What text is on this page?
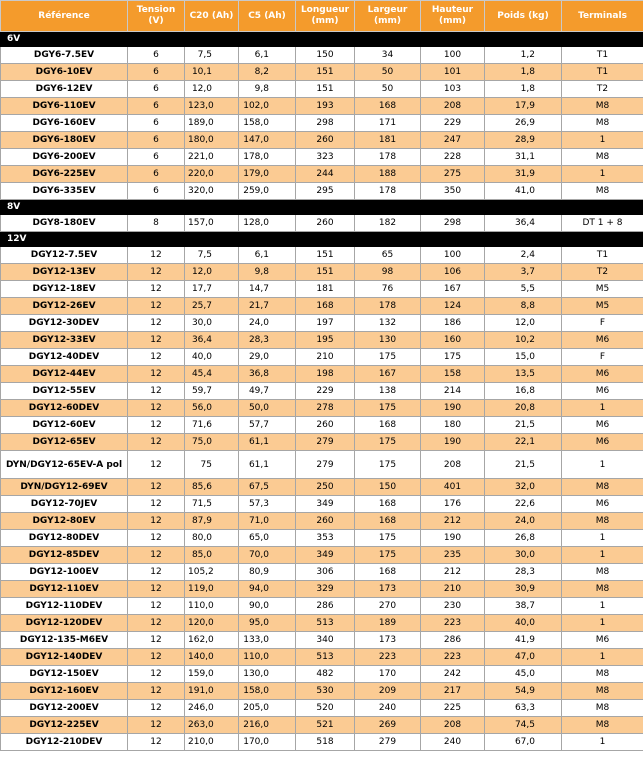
Référence	Tension (V)	C20 (Ah)	C5 (Ah)	Longueur (mm)	Largeur (mm)	Hauteur (mm)	Poids (kg)	Terminals
6V								
DGY6-7.5EV	6	7,5	6,1	150	34	100	1,2	T1
DGY6-10EV	6	10,1	8,2	151	50	101	1,8	T1
DGY6-12EV	6	12,0	9,8	151	50	103	1,8	T2
DGY6-110EV	6	123,0	102,0	193	168	208	17,9	M8
DGY6-160EV	6	189,0	158,0	298	171	229	26,9	M8
DGY6-180EV	6	180,0	147,0	260	181	247	28,9	1
DGY6-200EV	6	221,0	178,0	323	178	228	31,1	M8
DGY6-225EV	6	220,0	179,0	244	188	275	31,9	1
DGY6-335EV	6	320,0	259,0	295	178	350	41,0	M8
8V								
DGY8-180EV	8	157,0	128,0	260	182	298	36,4	DT 1 + 8
12V								
DGY12-7.5EV	12	7,5	6,1	151	65	100	2,4	T1
DGY12-13EV	12	12,0	9,8	151	98	106	3,7	T2
DGY12-18EV	12	17,7	14,7	181	76	167	5,5	M5
DGY12-26EV	12	25,7	21,7	168	178	124	8,8	M5
DGY12-30DEV	12	30,0	24,0	197	132	186	12,0	F
DGY12-33EV	12	36,4	28,3	195	130	160	10,2	M6
DGY12-40DEV	12	40,0	29,0	210	175	175	15,0	F
DGY12-44EV	12	45,4	36,8	198	167	158	13,5	M6
DGY12-55EV	12	59,7	49,7	229	138	214	16,8	M6
DGY12-60DEV	12	56,0	50,0	278	175	190	20,8	1
DGY12-60EV	12	71,6	57,7	260	168	180	21,5	M6
DGY12-65EV	12	75,0	61,1	279	175	190	22,1	M6
DYN/DGY12-65EV-A pol	12	75	61,1	279	175	208	21,5	1
DYN/DGY12-69EV	12	85,6	67,5	250	150	401	32,0	M8
DGY12-70JEV	12	71,5	57,3	349	168	176	22,6	M6
DGY12-80EV	12	87,9	71,0	260	168	212	24,0	M8
DGY12-80DEV	12	80,0	65,0	353	175	190	26,8	1
DGY12-85DEV	12	85,0	70,0	349	175	235	30,0	1
DGY12-100EV	12	105,2	80,9	306	168	212	28,3	M8
DGY12-110EV	12	119,0	94,0	329	173	210	30,9	M8
DGY12-110DEV	12	110,0	90,0	286	270	230	38,7	1
DGY12-120DEV	12	120,0	95,0	513	189	223	40,0	1
DGY12-135-M6EV	12	162,0	133,0	340	173	286	41,9	M6
DGY12-140DEV	12	140,0	110,0	513	223	223	47,0	1
DGY12-150EV	12	159,0	130,0	482	170	242	45,0	M8
DGY12-160EV	12	191,0	158,0	530	209	217	54,9	M8
DGY12-200EV	12	246,0	205,0	520	240	225	63,3	M8
DGY12-225EV	12	263,0	216,0	521	269	208	74,5	M8
DGY12-210DEV	12	210,0	170,0	518	279	240	67,0	1
